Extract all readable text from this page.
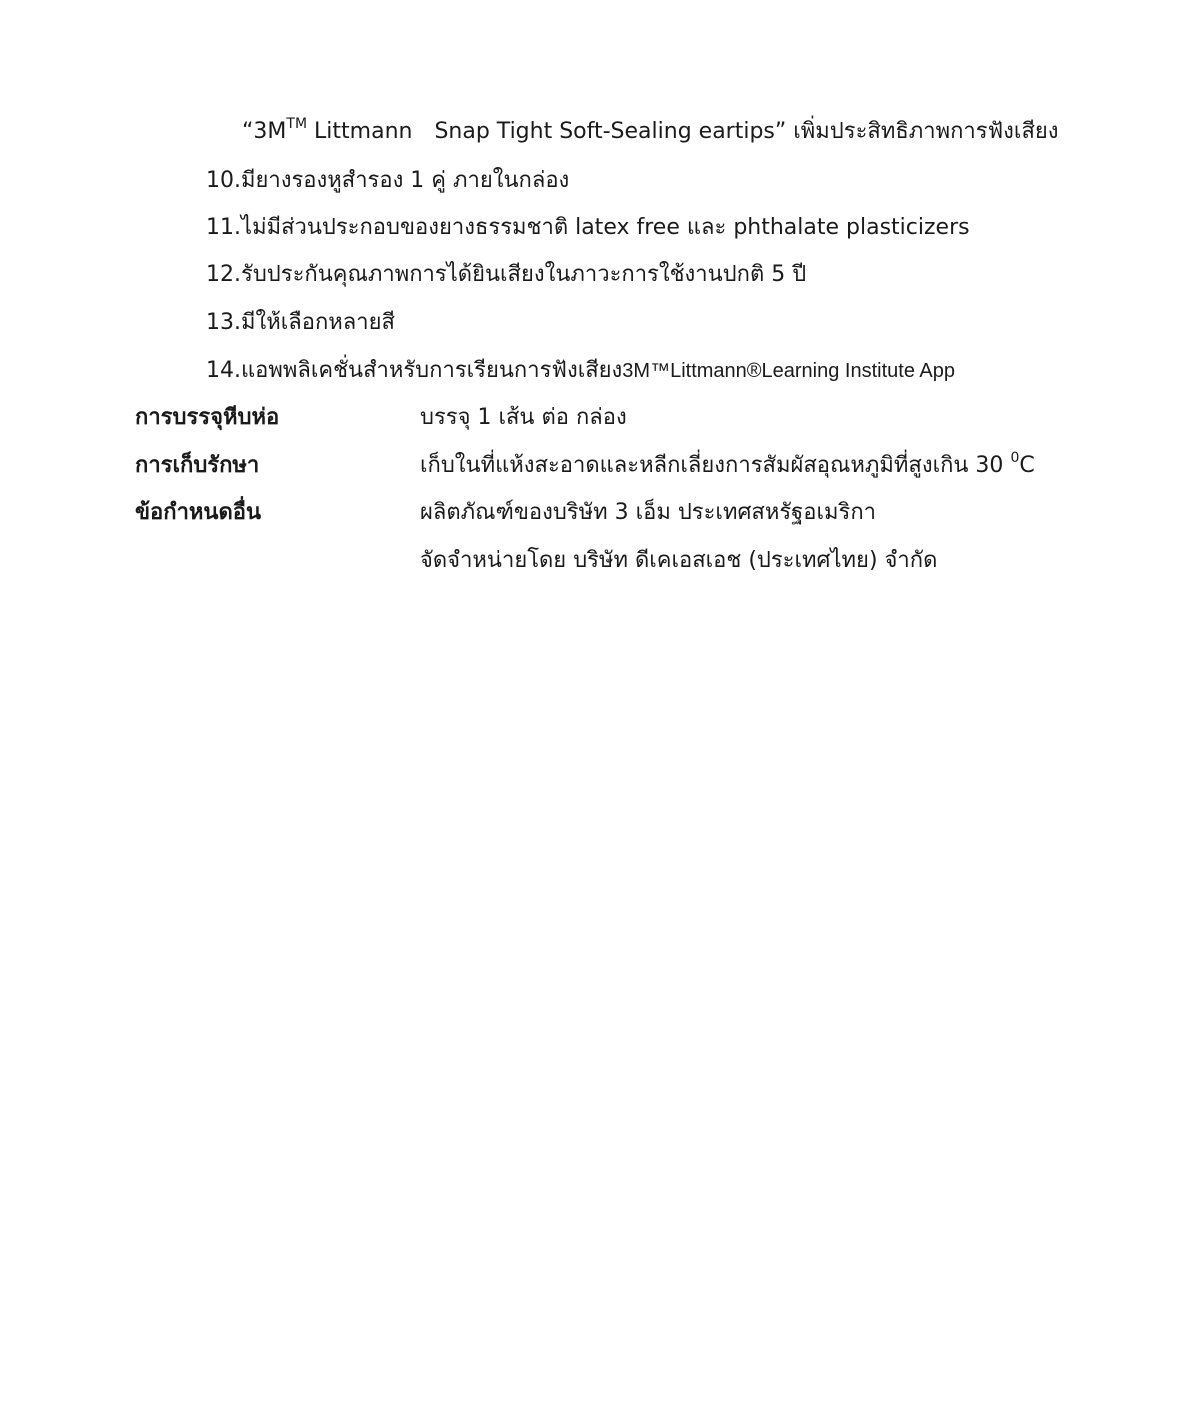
“3M™ Littmann Snap Tight Soft-Sealing eartips” เพิ่มประสิทธิภาพการฟังเสียง
10. มียางรองหูสำรอง 1 คู่ ภายในกล่อง
11. ไม่มีส่วนประกอบของยางธรรมชาติ latex free และ phthalate plasticizers
12. รับประกันคุณภาพการได้ยินเสียงในภาวะการใช้งานปกติ 5 ปี
13. มีให้เลือกหลายสี
14. แอพพลิเคชั่นสำหรับการเรียนการฟังเสียง3M™Littmann®Learning Institute App
การบรรจุหีบห่อ	บรรจุ 1 เส้น ต่อ กล่อง
การเก็บรักษา	เก็บในที่แห้งสะอาดและหลีกเลี่ยงการสัมผัสอุณหภูมิที่สูงเกิน 30 $^0$C
ข้อกำหนดอื่น	ผลิตภัณฑ์ของบริษัท 3 เอ็ม ประเทศสหรัฐอเมริกา
จัดจำหน่ายโดย บริษัท ดีเคเอสเอช (ประเทศไทย) จำกัด
